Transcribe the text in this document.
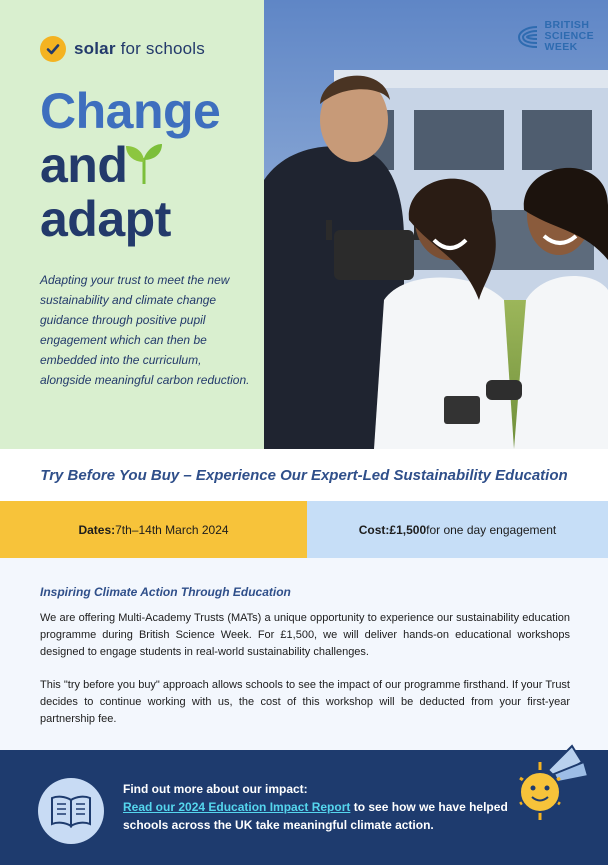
solar for schools
Change
and
adapt

Adapting your trust to meet the new sustainability and climate change guidance through positive pupil engagement which can then be embedded into the curriculum, alongside meaningful carbon reduction.

BRITISH
SCIENCE
WEEK
Try Before You Buy – Experience Our Expert-Led Sustainability Education
Dates: 7th–14th March 2024	Cost: £1,500 for one day engagement
Inspiring Climate Action Through Education

We are offering Multi-Academy Trusts (MATs) a unique opportunity to experience our sustainability education programme during British Science Week. For £1,500, we will deliver hands-on educational workshops designed to engage students in real-world sustainability challenges.

This "try before you buy" approach allows schools to see the impact of our programme firsthand. If your Trust decides to continue working with us, the cost of this workshop will be deducted from your first-year partnership fee.

Find out more about our impact:
Read our 2024 Education Impact Report to see how we have helped schools across the UK take meaningful climate action.
